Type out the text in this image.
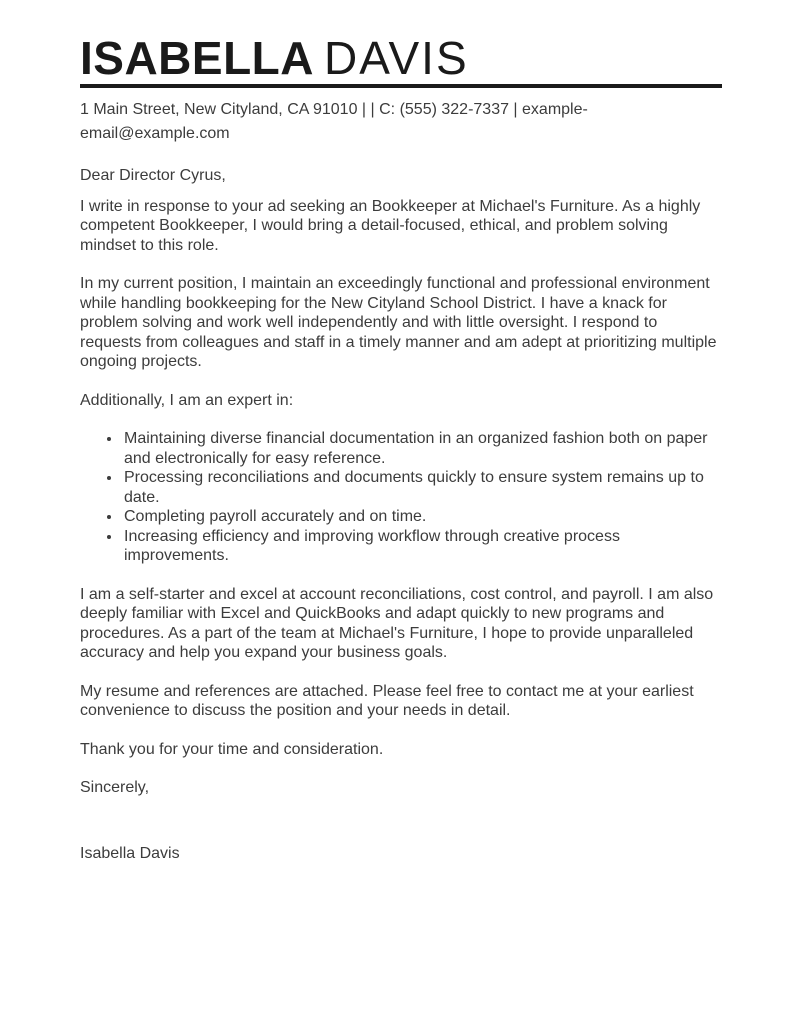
ISABELLA DAVIS
1 Main Street, New Cityland, CA 91010 | | C: (555) 322-7337 | example-email@example.com

Dear Director Cyrus,

I write in response to your ad seeking an Bookkeeper at Michael's Furniture. As a highly competent Bookkeeper, I would bring a detail-focused, ethical, and problem solving mindset to this role.

In my current position, I maintain an exceedingly functional and professional environment while handling bookkeeping for the New Cityland School District. I have a knack for problem solving and work well independently and with little oversight. I respond to requests from colleagues and staff in a timely manner and am adept at prioritizing multiple ongoing projects.

Additionally, I am an expert in:

• Maintaining diverse financial documentation in an organized fashion both on paper and electronically for easy reference.
• Processing reconciliations and documents quickly to ensure system remains up to date.
• Completing payroll accurately and on time.
• Increasing efficiency and improving workflow through creative process improvements.

I am a self-starter and excel at account reconciliations, cost control, and payroll. I am also deeply familiar with Excel and QuickBooks and adapt quickly to new programs and procedures. As a part of the team at Michael's Furniture, I hope to provide unparalleled accuracy and help you expand your business goals.

My resume and references are attached. Please feel free to contact me at your earliest convenience to discuss the position and your needs in detail.

Thank you for your time and consideration.

Sincerely,

Isabella Davis
